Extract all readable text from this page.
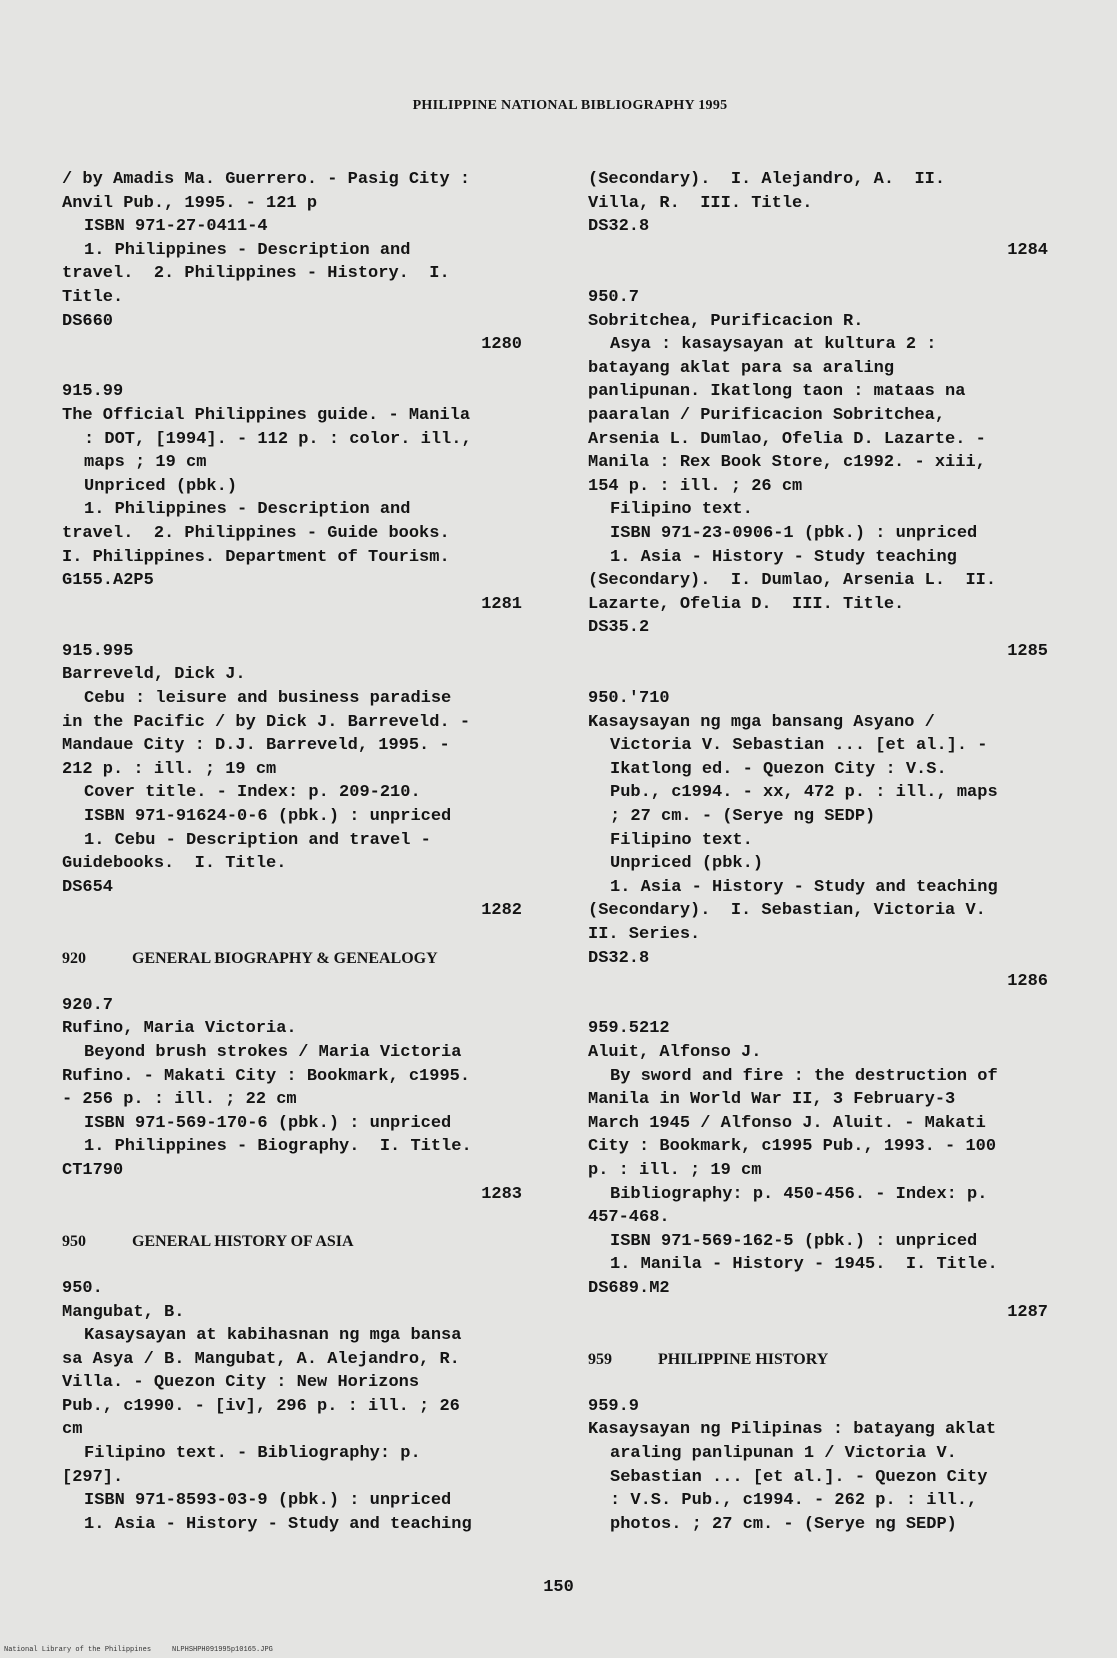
PHILIPPINE NATIONAL BIBLIOGRAPHY 1995
/ by Amadis Ma. Guerrero. - Pasig City :
Anvil Pub., 1995. - 121 p
ISBN 971-27-0411-4
1. Philippines - Description and
travel.  2. Philippines - History.  I.
Title.
DS660
1280
915.99
The Official Philippines guide. - Manila
: DOT, [1994]. - 112 p. : color. ill.,
maps ; 19 cm
Unpriced (pbk.)
1. Philippines - Description and
travel.  2. Philippines - Guide books.
I. Philippines. Department of Tourism.
G155.A2P5
1281
915.995
Barreveld, Dick J.
Cebu : leisure and business paradise
in the Pacific / by Dick J. Barreveld. -
Mandaue City : D.J. Barreveld, 1995. -
212 p. : ill. ; 19 cm
Cover title. - Index: p. 209-210.
ISBN 971-91624-0-6 (pbk.) : unpriced
1. Cebu - Description and travel -
Guidebooks.  I. Title.
DS654
1282
920	GENERAL BIOGRAPHY & GENEALOGY
920.7
Rufino, Maria Victoria.
Beyond brush strokes / Maria Victoria
Rufino. - Makati City : Bookmark, c1995.
- 256 p. : ill. ; 22 cm
ISBN 971-569-170-6 (pbk.) : unpriced
1. Philippines - Biography.  I. Title.
CT1790
1283
950	GENERAL HISTORY OF ASIA
950.
Mangubat, B.
Kasaysayan at kabihasnan ng mga bansa
sa Asya / B. Mangubat, A. Alejandro, R.
Villa. - Quezon City : New Horizons
Pub., c1990. - [iv], 296 p. : ill. ; 26
cm
Filipino text. - Bibliography: p.
[297].
ISBN 971-8593-03-9 (pbk.) : unpriced
1. Asia - History - Study and teaching
(Secondary).  I. Alejandro, A.  II.
Villa, R.  III. Title.
DS32.8
1284
950.7
Sobritchea, Purificacion R.
Asya : kasaysayan at kultura 2 :
batayang aklat para sa araling
panlipunan. Ikatlong taon : mataas na
paaralan / Purificacion Sobritchea,
Arsenia L. Dumlao, Ofelia D. Lazarte. -
Manila : Rex Book Store, c1992. - xiii,
154 p. : ill. ; 26 cm
Filipino text.
ISBN 971-23-0906-1 (pbk.) : unpriced
1. Asia - History - Study teaching
(Secondary).  I. Dumlao, Arsenia L.  II.
Lazarte, Ofelia D.  III. Title.
DS35.2
1285
950.'710
Kasaysayan ng mga bansang Asyano /
Victoria V. Sebastian ... [et al.]. -
Ikatlong ed. - Quezon City : V.S.
Pub., c1994. - xx, 472 p. : ill., maps
; 27 cm. - (Serye ng SEDP)
Filipino text.
Unpriced (pbk.)
1. Asia - History - Study and teaching
(Secondary).  I. Sebastian, Victoria V.
II. Series.
DS32.8
1286
959.5212
Aluit, Alfonso J.
By sword and fire : the destruction of
Manila in World War II, 3 February-3
March 1945 / Alfonso J. Aluit. - Makati
City : Bookmark, c1995 Pub., 1993. - 100
p. : ill. ; 19 cm
Bibliography: p. 450-456. - Index: p.
457-468.
ISBN 971-569-162-5 (pbk.) : unpriced
1. Manila - History - 1945.  I. Title.
DS689.M2
1287
959	PHILIPPINE HISTORY
959.9
Kasaysayan ng Pilipinas : batayang aklat
araling panlipunan 1 / Victoria V.
Sebastian ... [et al.]. - Quezon City
: V.S. Pub., c1994. - 262 p. : ill.,
photos. ; 27 cm. - (Serye ng SEDP)
150
National Library of the Philippines     NLPHSHPH091995p10165.JPG
